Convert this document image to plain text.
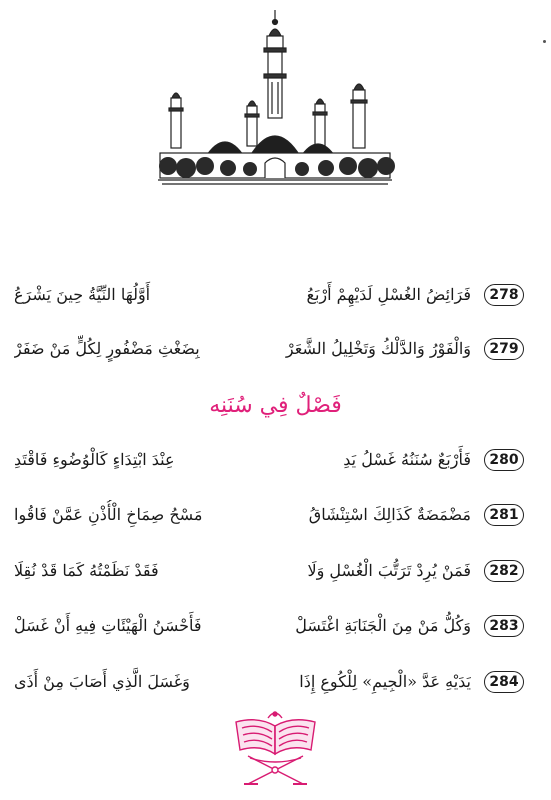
278
فَرَائِضُ الغُسْلِ لَدَيْهِمْ أَرْبَعُ
أَوَّلُهَا النِّيَّةُ حِينَ يَشْرَعُ
279
وَالْفَوْرُ وَالدَّلْكُ وَتَخْلِيلُ الشَّعَرْ
بِضَغْثِ مَضْفُورٍ لِكُلٍّ مَنْ ضَفَرْ
فَصْلٌ فِي سُنَنِه
280
فَأَرْبَعٌ سُنَنُهُ غَسْلُ يَدِ
عِنْدَ ابْتِدَاءٍ كَالْوُضُوءِ فَاقْتَدِ
281
مَضْمَضَةٌ كَذَالِكَ اسْتِنْشَاقُ
مَسْحُ صِمَاخِ الْأُذْنِ عَمَّنْ فَاقُوا
282
فَمَنْ يُرِدْ تَرَتُّبَ الْغُسْلِ وَلَا
فَقَدْ نَظَمْتُهُ كَمَا قَدْ نُقِلَا
283
وَكُلُّ مَنْ مِنَ الْجَنَابَةِ اغْتَسَلْ
فَأَحْسَنُ الْهَيْئَاتِ فِيهِ أَنْ غَسَلْ
284
يَدَيْهِ عَدَّ «الْجِيمِ» لِلْكُوعِ إِذَا
وَغَسَلَ الَّذِي أَصَابَ مِنْ أَذَى
